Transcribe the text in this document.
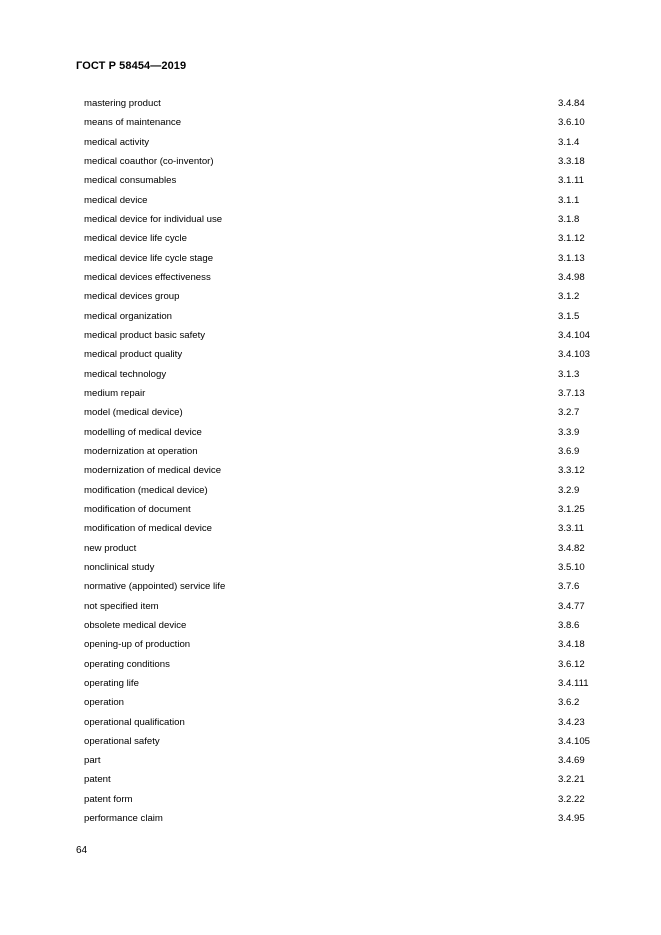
ГОСТ Р 58454—2019
mastering product	3.4.84
means of maintenance	3.6.10
medical activity	3.1.4
medical coauthor (co-inventor)	3.3.18
medical consumables	3.1.11
medical device	3.1.1
medical device for individual use	3.1.8
medical device life cycle	3.1.12
medical device life cycle stage	3.1.13
medical devices effectiveness	3.4.98
medical devices group	3.1.2
medical organization	3.1.5
medical product basic safety	3.4.104
medical product quality	3.4.103
medical technology	3.1.3
medium repair	3.7.13
model (medical device)	3.2.7
modelling of medical device	3.3.9
modernization at operation	3.6.9
modernization of medical device	3.3.12
modification (medical device)	3.2.9
modification of document	3.1.25
modification of medical device	3.3.11
new product	3.4.82
nonclinical study	3.5.10
normative (appointed) service life	3.7.6
not specified item	3.4.77
obsolete medical device	3.8.6
opening-up of production	3.4.18
operating conditions	3.6.12
operating life	3.4.111
operation	3.6.2
operational qualification	3.4.23
operational safety	3.4.105
part	3.4.69
patent	3.2.21
patent form	3.2.22
performance claim	3.4.95
64
